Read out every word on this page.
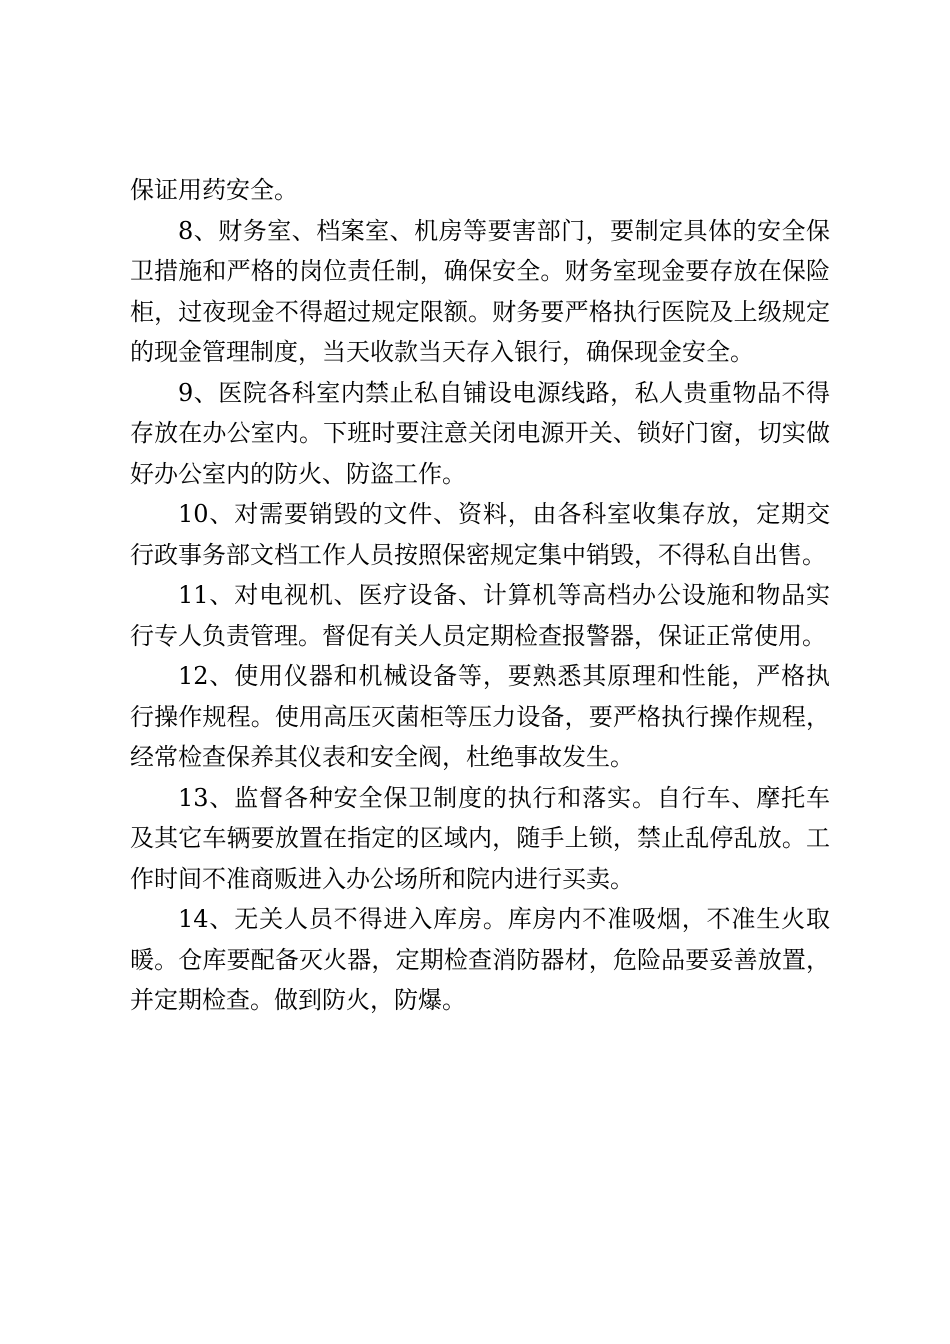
保证用药安全。

8、财务室、档案室、机房等要害部门，要制定具体的安全保卫措施和严格的岗位责任制，确保安全。财务室现金要存放在保险柜，过夜现金不得超过规定限额。财务要严格执行医院及上级规定的现金管理制度，当天收款当天存入银行，确保现金安全。

9、医院各科室内禁止私自铺设电源线路，私人贵重物品不得存放在办公室内。下班时要注意关闭电源开关、锁好门窗，切实做好办公室内的防火、防盗工作。

10、对需要销毁的文件、资料，由各科室收集存放，定期交行政事务部文档工作人员按照保密规定集中销毁，不得私自出售。

11、对电视机、医疗设备、计算机等高档办公设施和物品实行专人负责管理。督促有关人员定期检查报警器，保证正常使用。

12、使用仪器和机械设备等，要熟悉其原理和性能，严格执行操作规程。使用高压灭菌柜等压力设备，要严格执行操作规程，经常检查保养其仪表和安全阀，杜绝事故发生。

13、监督各种安全保卫制度的执行和落实。自行车、摩托车及其它车辆要放置在指定的区域内，随手上锁，禁止乱停乱放。工作时间不准商贩进入办公场所和院内进行买卖。

14、无关人员不得进入库房。库房内不准吸烟，不准生火取暖。仓库要配备灭火器，定期检查消防器材，危险品要妥善放置，并定期检查。做到防火，防爆。
